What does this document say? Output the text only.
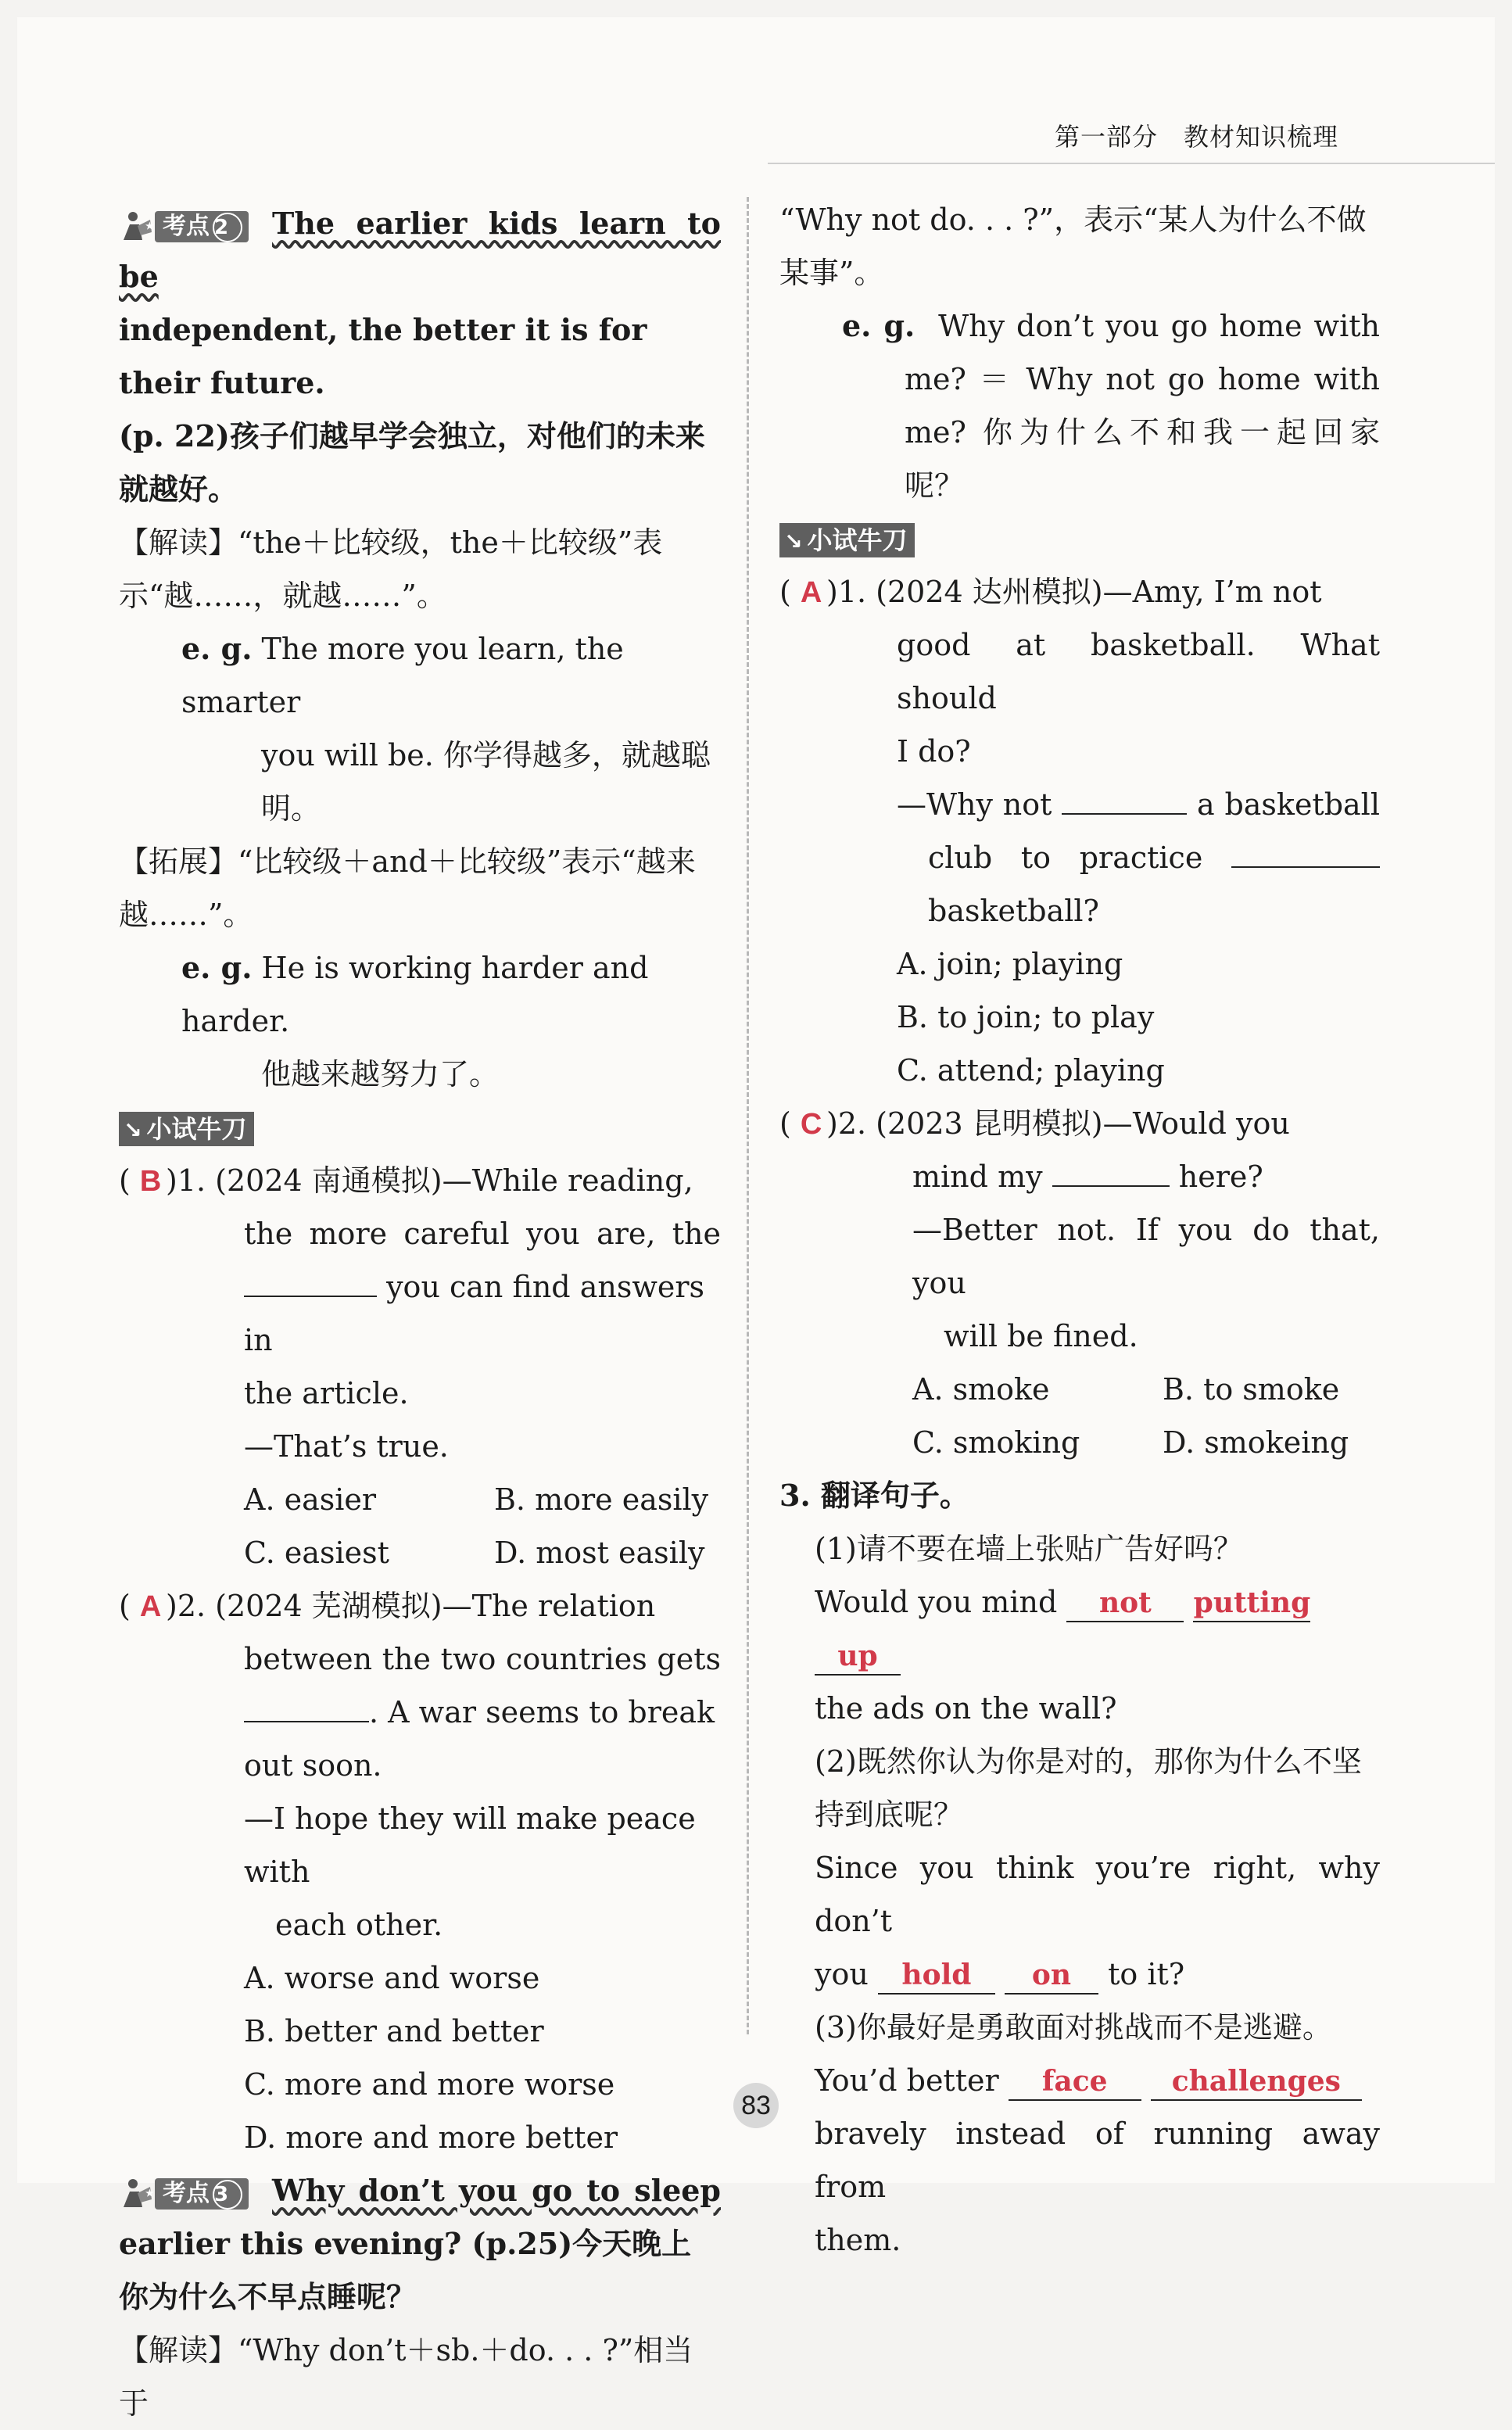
第一部分　教材知识梳理

★ 考点 2	The earlier kids learn to be

independent, the better it is for their future.

(p. 22)孩子们越早学会独立，对他们的未来就越好。

【解读】“the＋比较级，the＋比较级”表示“越……，就越……”。

e. g. The more you learn, the smarter

you will be. 你学得越多，就越聪明。

【拓展】“比较级＋and＋比较级”表示“越来越……”。

e. g. He is working harder and harder.

他越来越努力了。

↘ 小试牛刀
( B )1. (2024 南通模拟)—While reading,

the more careful you are, the

you can find answers in

the article.

—That’s true.

A. easier	B. more easily
C. easiest	D. most easily
( A )2. (2024 芜湖模拟)—The relation

between the two countries gets

. A war seems to break

out soon.

—I hope they will make peace with

each other.

A. worse and worse

B. better and better

C. more and more worse

D. more and more better

★ 考点 3	Why don’t you go to sleep

earlier this evening? (p.25)今天晚上你为什么不早点睡呢？

【解读】“Why don’t＋sb.＋do. . . ?”相当于

“Why not do. . . ?”，表示“某人为什么不做某事”。

e. g. Why don’t you go home with

me? ＝ Why not go home with

me? 你为什么不和我一起回家

呢？

↘ 小试牛刀
( A )1. (2024 达州模拟)—Amy, I’m not

good at basketball. What should

I do?

—Why not	a basketball

club to practice

basketball?

A. join; playing

B. to join; to play

C. attend; playing

( C )2. (2023 昆明模拟)—Would you

mind my	here?

—Better not. If you do that, you

will be fined.

A. smoke	B. to smoke
C. smoking	D. smokeing

3. 翻译句子。

(1)请不要在墙上张贴广告好吗？

Would you mind not putting up

the ads on the wall?

(2)既然你认为你是对的，那你为什么不坚持到底呢？

Since you think you’re right, why don’t

you hold on to it?

(3)你最好是勇敢面对挑战而不是逃避。

You’d better face challenges

bravely instead of running away from

them.

83
